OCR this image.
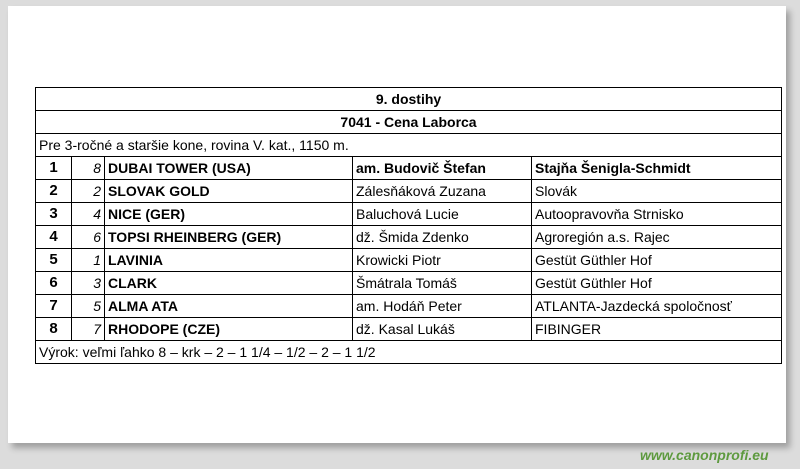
9. dostihy				
7041 - Cena Laborca				
Pre 3-ročné a staršie kone, rovina V. kat., 1150 m.				
1	8	DUBAI TOWER (USA)	am. Budovič Štefan	Stajňa Šenigla-Schmidt
2	2	SLOVAK GOLD	Zálesňáková Zuzana	Slovák
3	4	NICE (GER)	Baluchová Lucie	Autoopravovňa Strnisko
4	6	TOPSI RHEINBERG (GER)	dž. Šmida Zdenko	Agroregión a.s. Rajec
5	1	LAVINIA	Krowicki Piotr	Gestüt Güthler Hof
6	3	CLARK	Šmátrala Tomáš	Gestüt Güthler Hof
7	5	ALMA ATA	am. Hodáň Peter	ATLANTA-Jazdecká spoločnosť
8	7	RHODOPE (CZE)	dž. Kasal Lukáš	FIBINGER
Výrok: veľmi ľahko 8 – krk – 2 – 1 1/4 – 1/2 – 2 – 1 1/2				
www.canonprofi.eu
